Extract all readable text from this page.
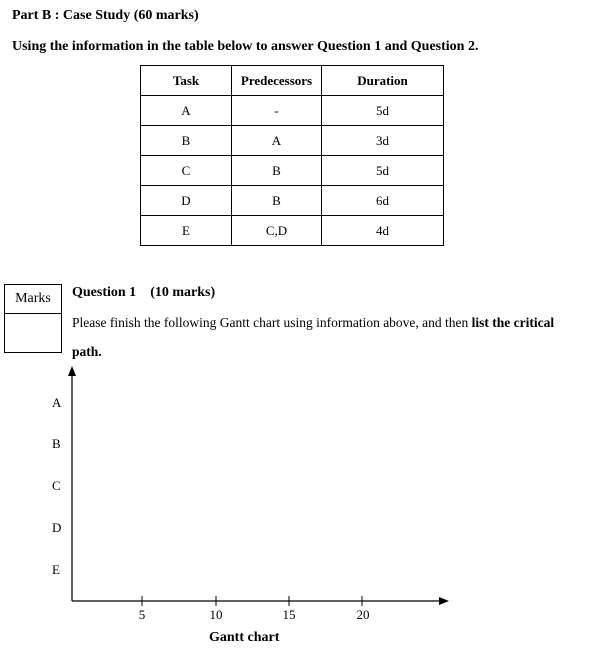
Part B : Case Study (60 marks)
Using the information in the table below to answer Question 1 and Question 2.
Task	Predecessors	Duration
A	-	5d
B	A	3d
C	B	5d
D	B	6d
E	C,D	4d
Marks	Question 1 (10 marks)
Please finish the following Gantt chart using information above, and then list the critical
path.
A
B
C
D
E
5	10	15	20
Gantt chart
